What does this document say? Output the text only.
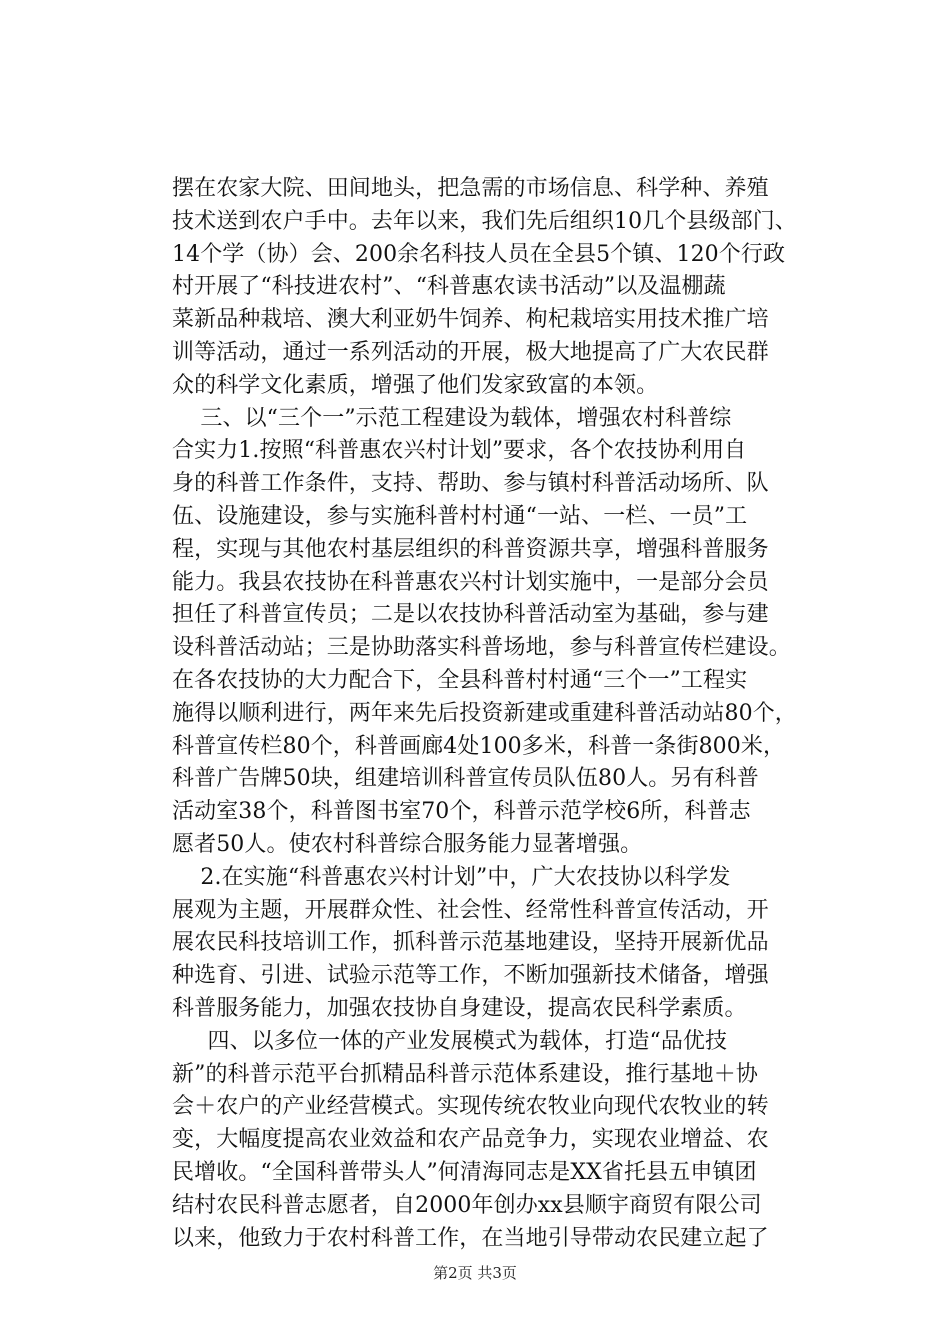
摆在农家大院、田间地头，把急需的市场信息、科学种、养殖
技术送到农户手中。去年以来，我们先后组织10几个县级部门、
14个学（协）会、200余名科技人员在全县5个镇、120个行政
村开展了“科技进农村”、“科普惠农读书活动”以及温棚蔬
菜新品种栽培、澳大利亚奶牛饲养、枸杞栽培实用技术推广培
训等活动，通过一系列活动的开展，极大地提高了广大农民群
众的科学文化素质，增强了他们发家致富的本领。
三、以“三个一”示范工程建设为载体，增强农村科普综
合实力1.按照“科普惠农兴村计划”要求，各个农技协利用自
身的科普工作条件，支持、帮助、参与镇村科普活动场所、队
伍、设施建设，参与实施科普村村通“一站、一栏、一员”工
程，实现与其他农村基层组织的科普资源共享，增强科普服务
能力。我县农技协在科普惠农兴村计划实施中，一是部分会员
担任了科普宣传员；二是以农技协科普活动室为基础，参与建
设科普活动站；三是协助落实科普场地，参与科普宣传栏建设。
在各农技协的大力配合下，全县科普村村通“三个一”工程实
施得以顺利进行，两年来先后投资新建或重建科普活动站80个，
科普宣传栏80个，科普画廊4处100多米，科普一条街800米，
科普广告牌50块，组建培训科普宣传员队伍80人。另有科普
活动室38个，科普图书室70个，科普示范学校6所，科普志
愿者50人。使农村科普综合服务能力显著增强。
2.在实施“科普惠农兴村计划”中，广大农技协以科学发
展观为主题，开展群众性、社会性、经常性科普宣传活动，开
展农民科技培训工作，抓科普示范基地建设，坚持开展新优品
种选育、引进、试验示范等工作，不断加强新技术储备，增强
科普服务能力，加强农技协自身建设，提高农民科学素质。
四、以多位一体的产业发展模式为载体，打造“品优技
新”的科普示范平台抓精品科普示范体系建设，推行基地＋协
会＋农户的产业经营模式。实现传统农牧业向现代农牧业的转
变，大幅度提高农业效益和农产品竞争力，实现农业增益、农
民增收。“全国科普带头人”何清海同志是XX省托县五申镇团
结村农民科普志愿者，自2000年创办xx县顺宇商贸有限公司
以来，他致力于农村科普工作，在当地引导带动农民建立起了
第2页 共3页
